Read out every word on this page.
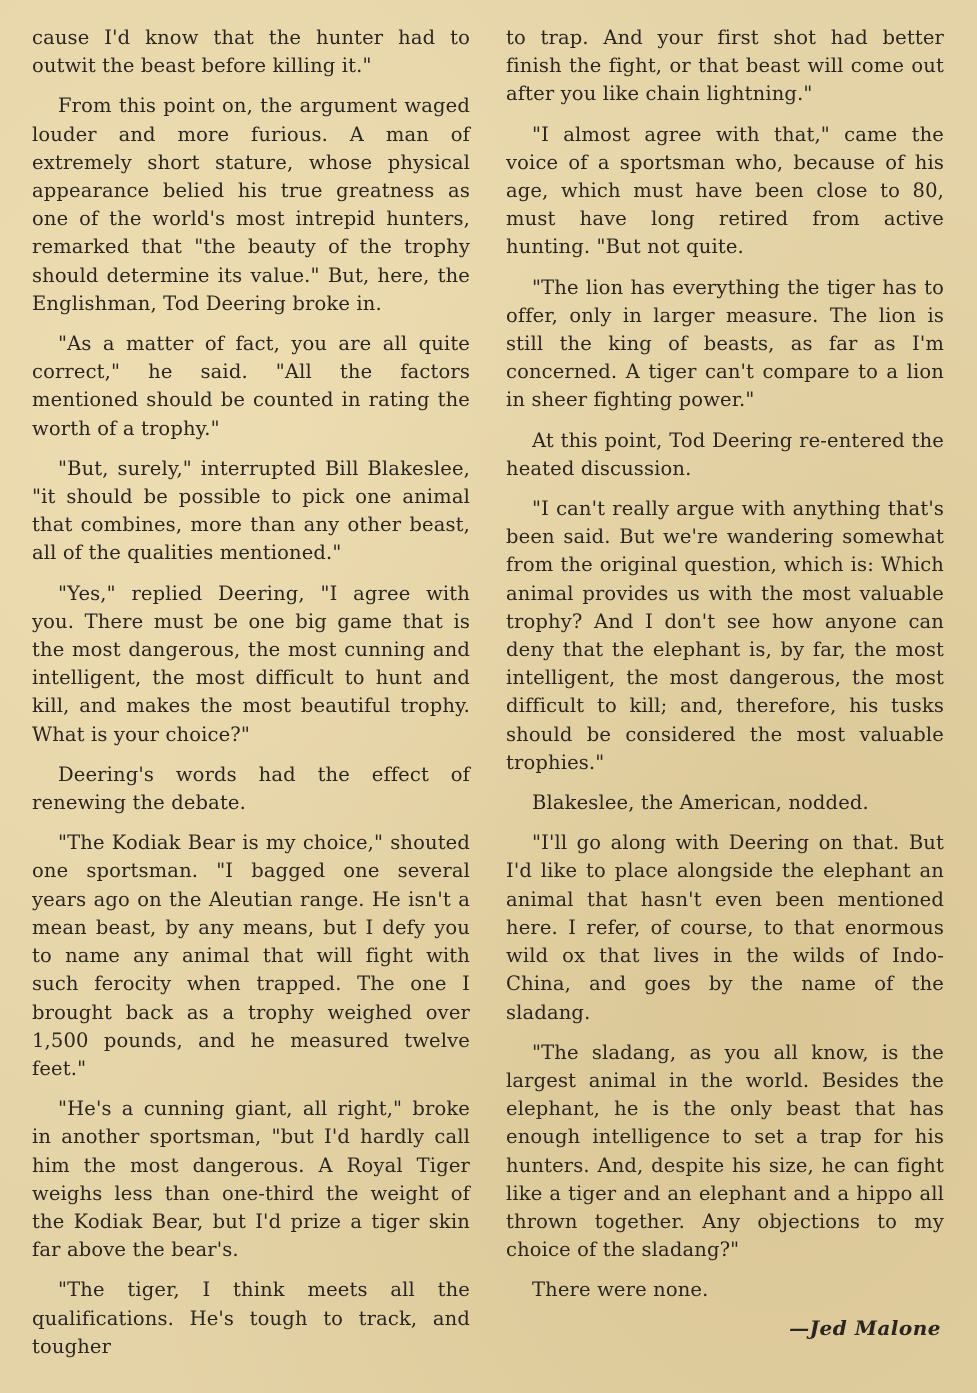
cause I'd know that the hunter had to outwit the beast before killing it."

From this point on, the argument waged louder and more furious. A man of extremely short stature, whose physical appearance belied his true greatness as one of the world's most intrepid hunters, remarked that "the beauty of the trophy should determine its value." But, here, the Englishman, Tod Deering broke in.

"As a matter of fact, you are all quite correct," he said. "All the factors mentioned should be counted in rating the worth of a trophy."

"But, surely," interrupted Bill Blakeslee, "it should be possible to pick one animal that combines, more than any other beast, all of the qualities mentioned."

"Yes," replied Deering, "I agree with you. There must be one big game that is the most dangerous, the most cunning and intelligent, the most difficult to hunt and kill, and makes the most beautiful trophy. What is your choice?"

Deering's words had the effect of renewing the debate.

"The Kodiak Bear is my choice," shouted one sportsman. "I bagged one several years ago on the Aleutian range. He isn't a mean beast, by any means, but I defy you to name any animal that will fight with such ferocity when trapped. The one I brought back as a trophy weighed over 1,500 pounds, and he measured twelve feet."

"He's a cunning giant, all right," broke in another sportsman, "but I'd hardly call him the most dangerous. A Royal Tiger weighs less than one-third the weight of the Kodiak Bear, but I'd prize a tiger skin far above the bear's.

"The tiger, I think meets all the qualifications. He's tough to track, and tougher

to trap. And your first shot had better finish the fight, or that beast will come out after you like chain lightning."

"I almost agree with that," came the voice of a sportsman who, because of his age, which must have been close to 80, must have long retired from active hunting. "But not quite.

"The lion has everything the tiger has to offer, only in larger measure. The lion is still the king of beasts, as far as I'm concerned. A tiger can't compare to a lion in sheer fighting power."

At this point, Tod Deering re-entered the heated discussion.

"I can't really argue with anything that's been said. But we're wandering somewhat from the original question, which is: Which animal provides us with the most valuable trophy? And I don't see how anyone can deny that the elephant is, by far, the most intelligent, the most dangerous, the most difficult to kill; and, therefore, his tusks should be considered the most valuable trophies."

Blakeslee, the American, nodded.

"I'll go along with Deering on that. But I'd like to place alongside the elephant an animal that hasn't even been mentioned here. I refer, of course, to that enormous wild ox that lives in the wilds of Indo-China, and goes by the name of the sladang.

"The sladang, as you all know, is the largest animal in the world. Besides the elephant, he is the only beast that has enough intelligence to set a trap for his hunters. And, despite his size, he can fight like a tiger and an elephant and a hippo all thrown together. Any objections to my choice of the sladang?"

There were none.

—Jed Malone
